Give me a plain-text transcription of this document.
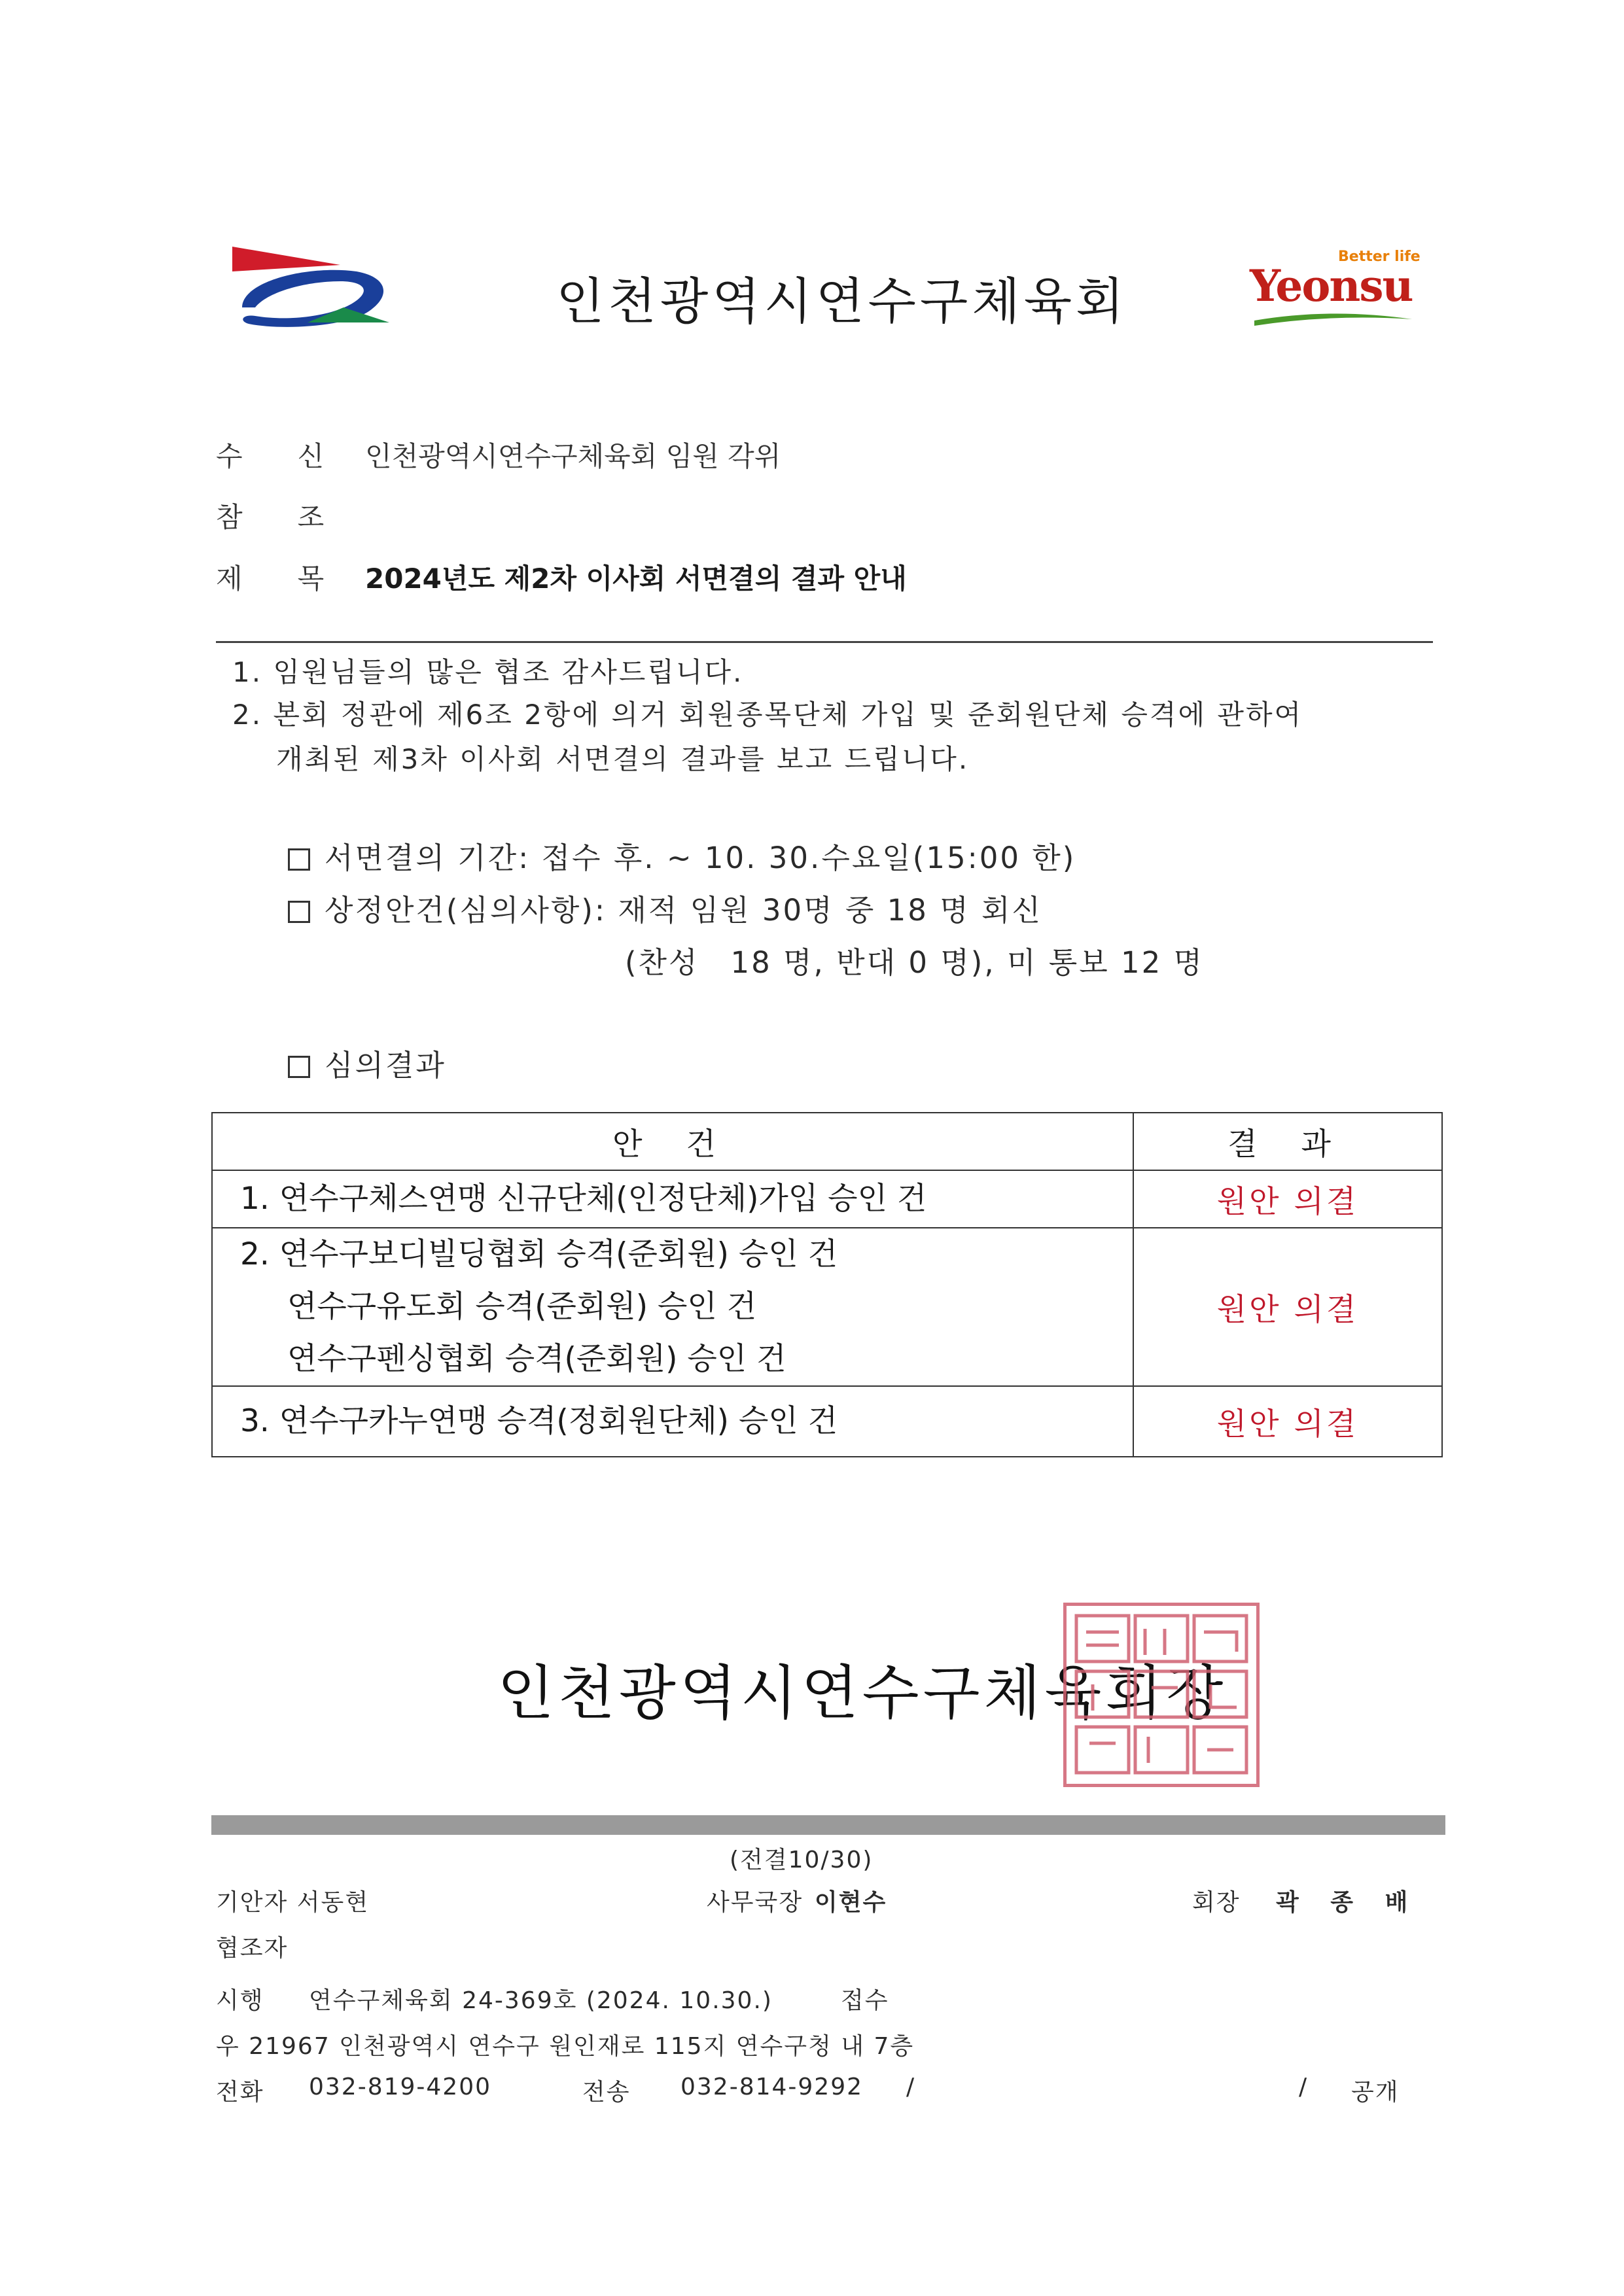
인천광역시연수구체육회
Better life
Yeonsu
수　　신 인천광역시연수구체육회 임원 각위
참　　조
제　　목 2024년도 제2차 이사회 서면결의 결과 안내
1. 임원님들의 많은 협조 감사드립니다.
2. 본회 정관에 제6조 2항에 의거 회원종목단체 가입 및 준회원단체 승격에 관하여
개최된 제3차 이사회 서면결의 결과를 보고 드립니다.
서면결의 기간: 접수 후. ~ 10. 30.수요일(15:00 한)
상정안건(심의사항): 재적 임원 30명 중 18 명 회신
(찬성　18 명, 반대 0 명), 미 통보 12 명
심의결과
안 건	결 과
1. 연수구체스연맹 신규단체(인정단체)가입 승인 건	원안 의결

2. 연수구보디빌딩협회 승격(준회원) 승인 건
연수구유도회 승격(준회원) 승인 건
연수구펜싱협회 승격(준회원) 승인 건	원안 의결
3. 연수구카누연맹 승격(정회원단체) 승인 건	원안 의결
인천광역시연수구체육회장
(전결10/30)
기안자 서동현	사무국장 이현수	회장 곽 종 배
협조자
시행 연수구체육회 24-369호 (2024. 10.30.)	접수
우 21967 인천광역시 연수구 원인재로 115지 연수구청 내 7층
전화 032-819-4200	전송 032-814-9292 /	/ 공개
